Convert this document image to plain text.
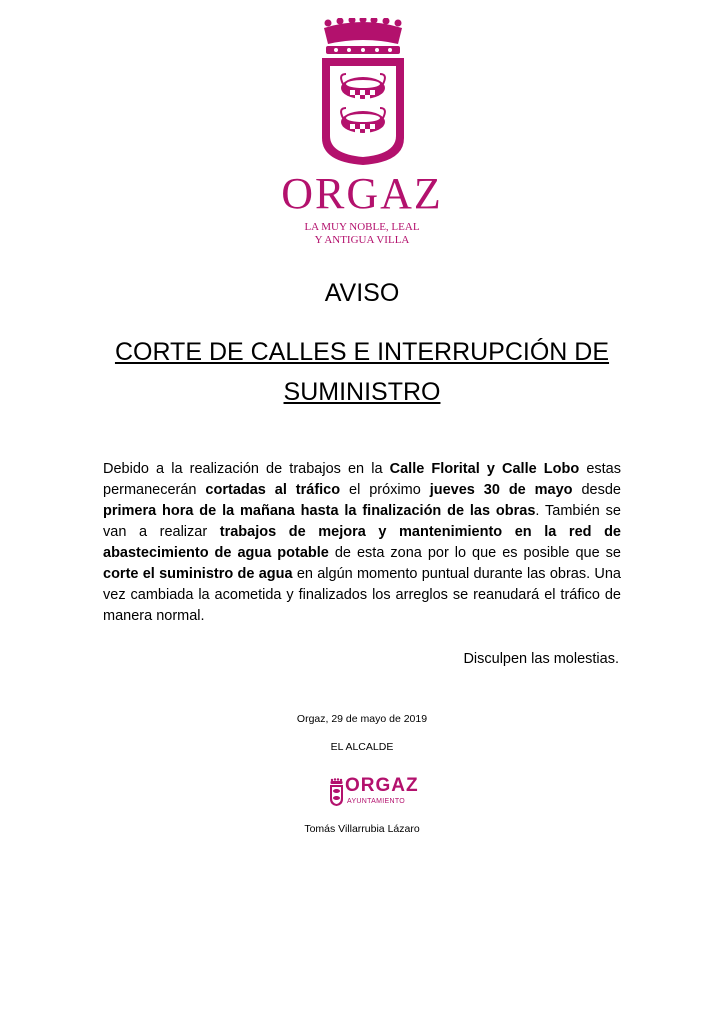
ORGAZ
LA MUY NOBLE, LEAL
Y ANTIGUA VILLA
AVISO
CORTE DE CALLES E INTERRUPCIÓN DE
SUMINISTRO
Debido a la realización de trabajos en la Calle Florital y Calle Lobo estas permanecerán cortadas al tráfico el próximo jueves 30 de mayo desde primera hora de la mañana hasta la finalización de las obras. También se van a realizar trabajos de mejora y mantenimiento en la red de abastecimiento de agua potable de esta zona por lo que es posible que se corte el suministro de agua en algún momento puntual durante las obras. Una vez cambiada la acometida y finalizados los arreglos se reanudará el tráfico de manera normal.
Disculpen las molestias.
Orgaz, 29 de mayo de 2019
EL ALCALDE
ORGAZ
AYUNTAMIENTO
Tomás Villarrubia Lázaro
